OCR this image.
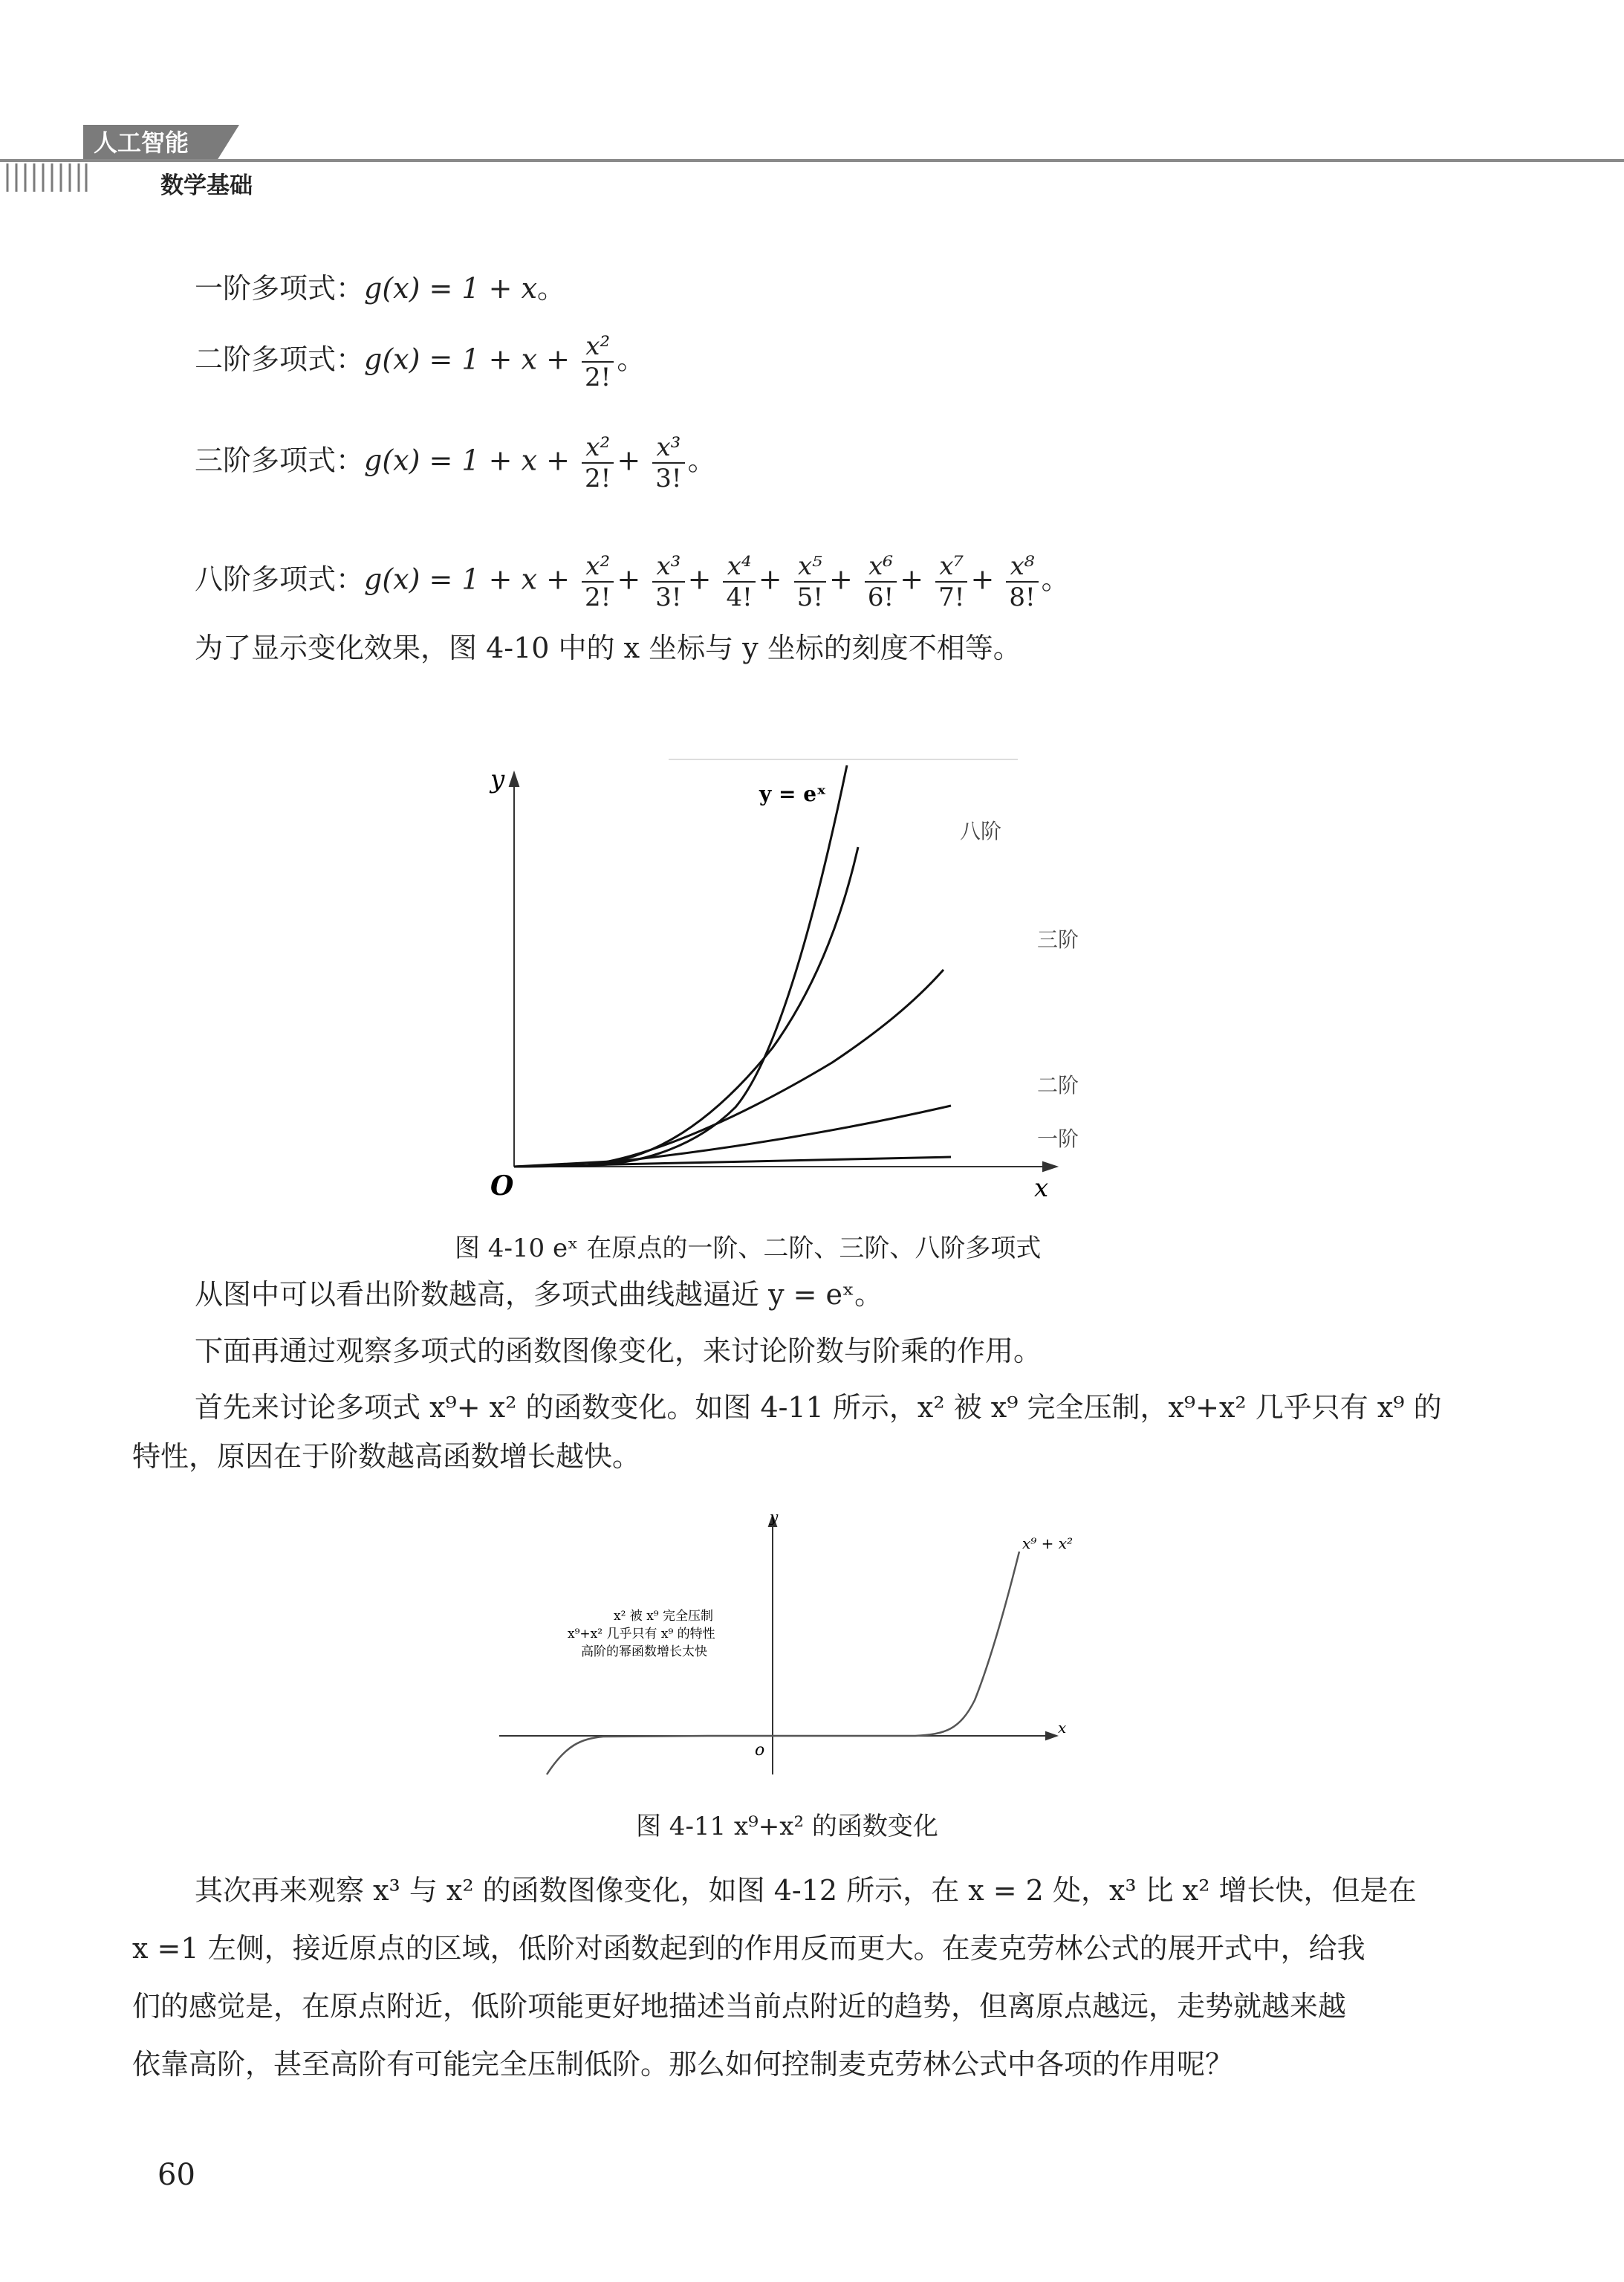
人工智能
数学基础
一阶多项式：g(x) = 1 + x。
二阶多项式：$g(x) = 1 + x + \frac{\text{x²}}{2!}$ 。
三阶多项式：$g(x) = 1 + x + \frac{\text{x²}}{2!} + \frac{\text{x³}}{3!}$ 。
八阶多项式：$g(x) = 1 + x + \frac{\text{x²}}{2!} + \frac{\text{x³}}{3!} + \frac{\text{x⁴}}{4!} + \frac{\text{x⁵}}{5!} + \frac{\text{x⁶}}{6!} + \frac{\text{x⁷}}{7!} + \frac{\text{x⁸}}{8!}$ 。
为了显示变化效果，图 4-10 中的 x 坐标与 y 坐标的刻度不相等。
y
x
O
y = eˣ
八阶
三阶
二阶
一阶
图 4-10 eˣ 在原点的一阶、二阶、三阶、八阶多项式
从图中可以看出阶数越高，多项式曲线越逼近 y = eˣ。
下面再通过观察多项式的函数图像变化，来讨论阶数与阶乘的作用。
首先来讨论多项式 x⁹+ x² 的函数变化。如图 4-11 所示，x² 被 x⁹ 完全压制，x⁹+x² 几乎只有 x⁹ 的
特性，原因在于阶数越高函数增长越快。
y
x
o
x⁹ + x²
x² 被 x⁹ 完全压制
x⁹+x² 几乎只有 x⁹ 的特性
高阶的幂函数增长太快
图 4-11 x⁹+x² 的函数变化
其次再来观察 x³ 与 x² 的函数图像变化，如图 4-12 所示，在 x = 2 处，x³ 比 x² 增长快，但是在
x =1 左侧，接近原点的区域，低阶对函数起到的作用反而更大。在麦克劳林公式的展开式中，给我
们的感觉是，在原点附近，低阶项能更好地描述当前点附近的趋势，但离原点越远，走势就越来越
依靠高阶，甚至高阶有可能完全压制低阶。那么如何控制麦克劳林公式中各项的作用呢？
60
